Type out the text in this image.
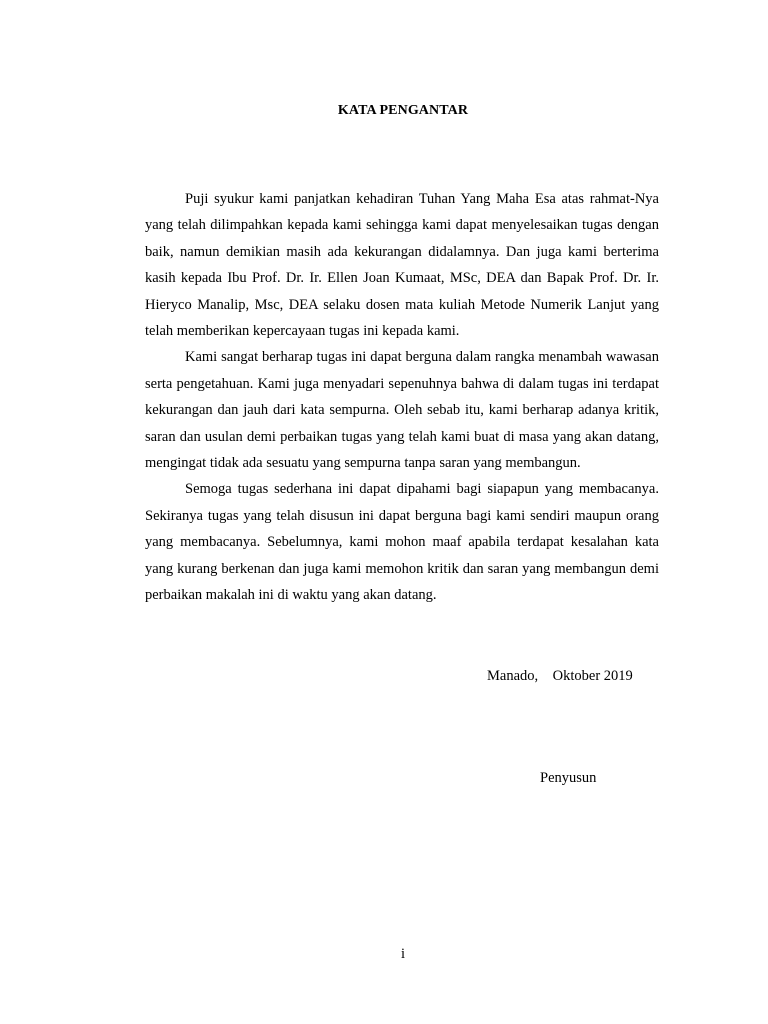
KATA PENGANTAR

Puji syukur kami panjatkan kehadiran Tuhan Yang Maha Esa atas rahmat-Nya yang telah dilimpahkan kepada kami sehingga kami dapat menyelesaikan tugas dengan baik, namun demikian masih ada kekurangan didalamnya. Dan juga kami berterima kasih kepada Ibu Prof. Dr. Ir. Ellen Joan Kumaat, MSc, DEA dan Bapak Prof. Dr. Ir. Hieryco Manalip, Msc, DEA selaku dosen mata kuliah Metode Numerik Lanjut yang telah memberikan kepercayaan tugas ini kepada kami.

Kami sangat berharap tugas ini dapat berguna dalam rangka menambah wawasan serta pengetahuan. Kami juga menyadari sepenuhnya bahwa di dalam tugas ini terdapat kekurangan dan jauh dari kata sempurna. Oleh sebab itu, kami berharap adanya kritik, saran dan usulan demi perbaikan tugas yang telah kami buat di masa yang akan datang, mengingat tidak ada sesuatu yang sempurna tanpa saran yang membangun.

Semoga tugas sederhana ini dapat dipahami bagi siapapun yang membacanya. Sekiranya tugas yang telah disusun ini dapat berguna bagi kami sendiri maupun orang yang membacanya. Sebelumnya, kami mohon maaf apabila terdapat kesalahan kata yang kurang berkenan dan juga kami memohon kritik dan saran yang membangun demi perbaikan makalah ini di waktu yang akan datang.

Manado,    Oktober 2019
Penyusun
i
